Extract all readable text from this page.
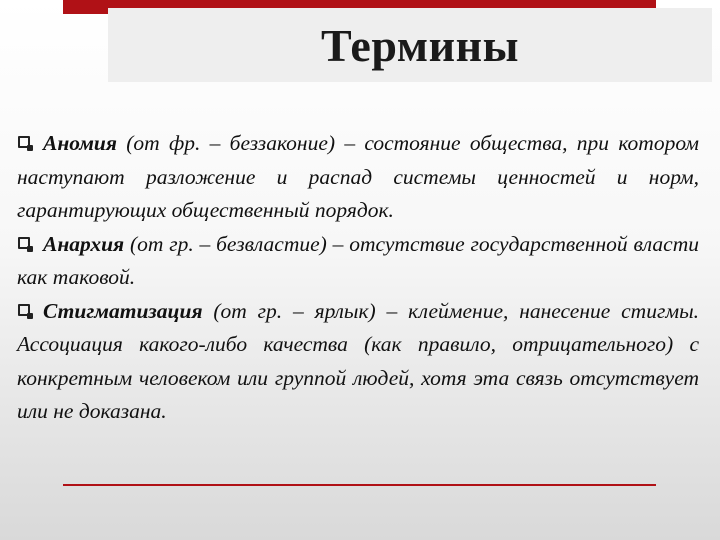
Термины

Аномия (от фр. – беззаконие) – состояние общества, при котором наступают разложение и распад системы ценностей и норм, гарантирующих общественный порядок.

Анархия (от гр. – безвластие) – отсутствие государственной власти как таковой.

Стигматизация (от гр. – ярлык) – клеймение, нанесение стигмы. Ассоциация какого-либо качества (как правило, отрицательного) с конкретным человеком или группой людей, хотя эта связь отсутствует или не доказана.
